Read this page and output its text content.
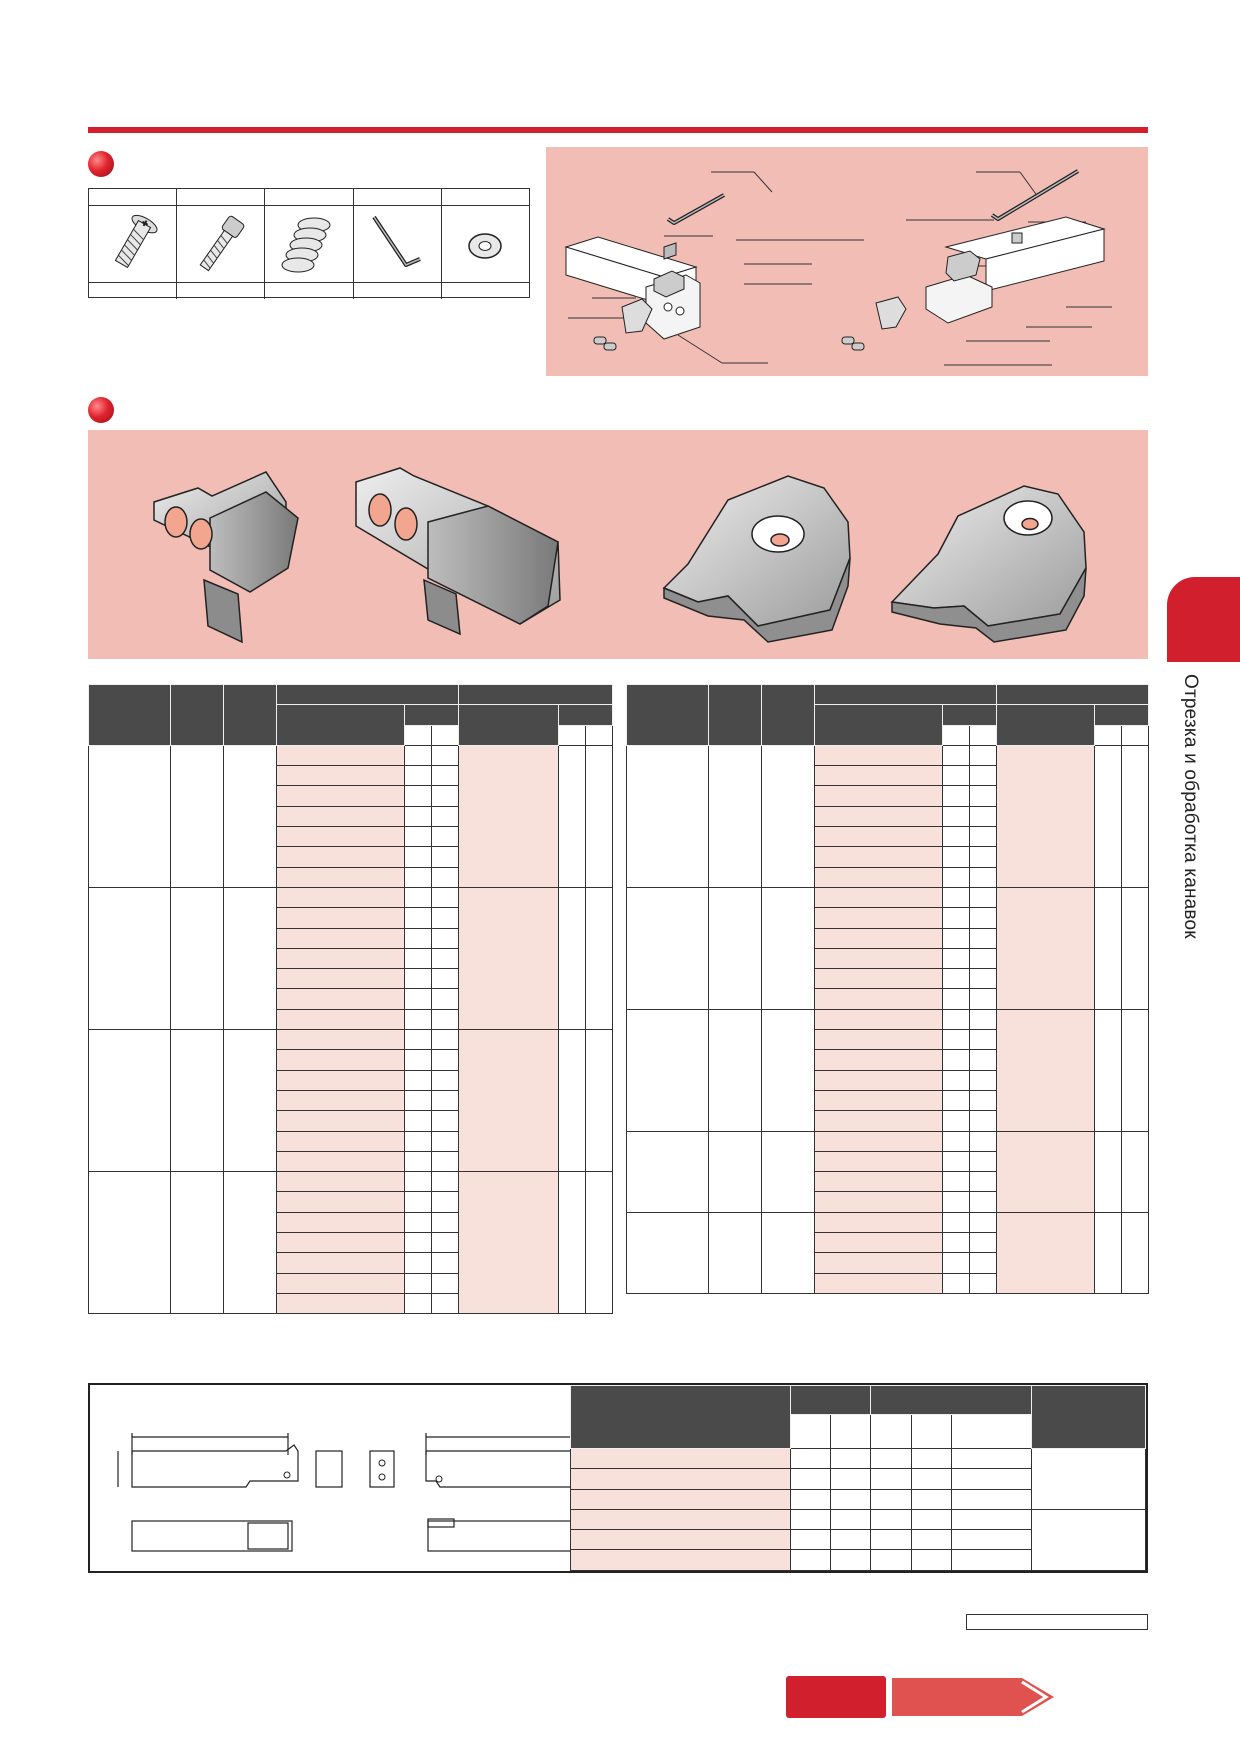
Отрезка и обработка канавок
